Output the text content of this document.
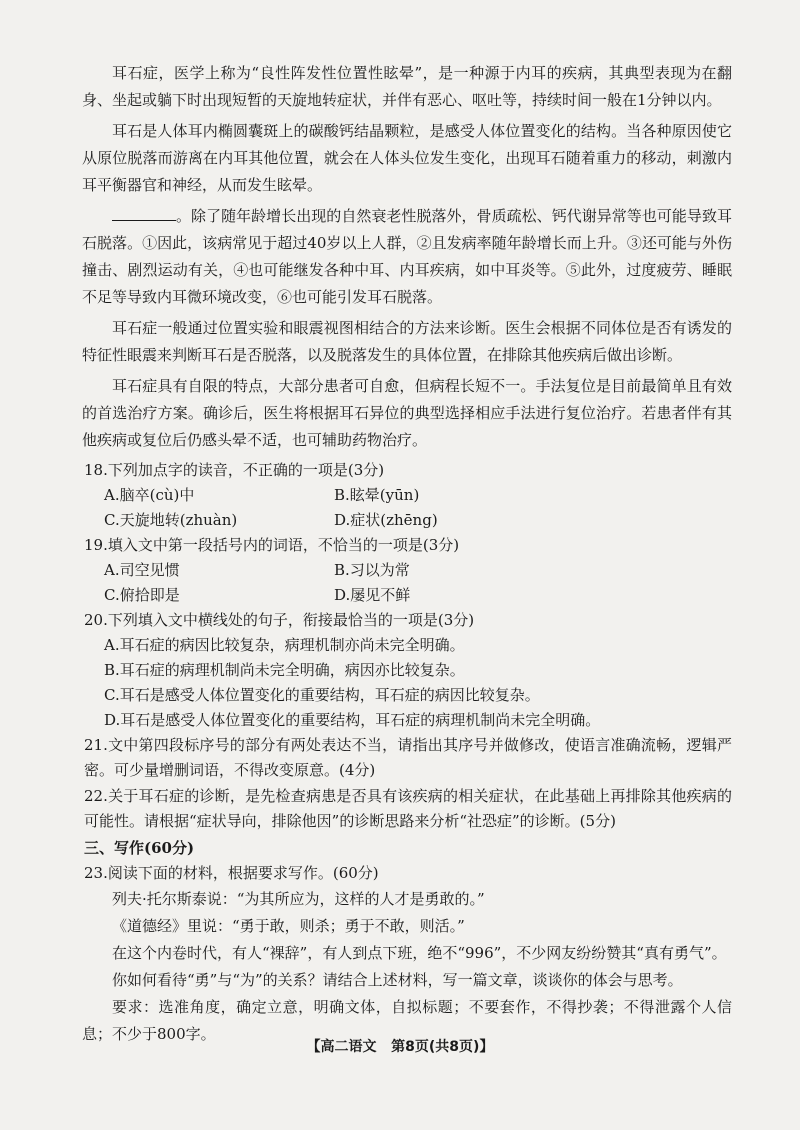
耳石症，医学上称为“良性阵发性位置性眩晕”，是一种源于内耳的疾病，其典型表现为在翻身、坐起或躺下时出现短暂的天旋地转症状，并伴有恶心、呕吐等，持续时间一般在1分钟以内。

耳石是人体耳内椭圆囊斑上的碳酸钙结晶颗粒，是感受人体位置变化的结构。当各种原因使它从原位脱落而游离在内耳其他位置，就会在人体头位发生变化，出现耳石随着重力的移动，刺激内耳平衡器官和神经，从而发生眩晕。

。除了随年龄增长出现的自然衰老性脱落外，骨质疏松、钙代谢异常等也可能导致耳石脱落。①因此，该病常见于超过40岁以上人群，②且发病率随年龄增长而上升。③还可能与外伤撞击、剧烈运动有关，④也可能继发各种中耳、内耳疾病，如中耳炎等。⑤此外，过度疲劳、睡眠不足等导致内耳微环境改变，⑥也可能引发耳石脱落。

耳石症一般通过位置实验和眼震视图相结合的方法来诊断。医生会根据不同体位是否有诱发的特征性眼震来判断耳石是否脱落，以及脱落发生的具体位置，在排除其他疾病后做出诊断。

耳石症具有自限的特点，大部分患者可自愈，但病程长短不一。手法复位是目前最简单且有效的首选治疗方案。确诊后，医生将根据耳石异位的典型选择相应手法进行复位治疗。若患者伴有其他疾病或复位后仍感头晕不适，也可辅助药物治疗。

18.下列加点字的读音，不正确的一项是(3分)

A.脑卒(cù)中	B.眩晕(yūn)
C.天旋地转(zhuàn)	D.症状(zhēng)

19.填入文中第一段括号内的词语，不恰当的一项是(3分)

A.司空见惯	B.习以为常
C.俯拾即是	D.屡见不鲜

20.下列填入文中横线处的句子，衔接最恰当的一项是(3分)

A.耳石症的病因比较复杂，病理机制亦尚未完全明确。

B.耳石症的病理机制尚未完全明确，病因亦比较复杂。

C.耳石是感受人体位置变化的重要结构，耳石症的病因比较复杂。

D.耳石是感受人体位置变化的重要结构，耳石症的病理机制尚未完全明确。

21.文中第四段标序号的部分有两处表达不当，请指出其序号并做修改，使语言准确流畅，逻辑严密。可少量增删词语，不得改变原意。(4分)

22.关于耳石症的诊断，是先检查病患是否具有该疾病的相关症状，在此基础上再排除其他疾病的可能性。请根据“症状导向，排除他因”的诊断思路来分析“社恐症”的诊断。(5分)

三、写作(60分)

23.阅读下面的材料，根据要求写作。(60分)

列夫·托尔斯泰说：“为其所应为，这样的人才是勇敢的。”

《道德经》里说：“勇于敢，则杀；勇于不敢，则活。”

在这个内卷时代，有人“裸辞”，有人到点下班，绝不“996”，不少网友纷纷赞其“真有勇气”。

你如何看待“勇”与“为”的关系？请结合上述材料，写一篇文章，谈谈你的体会与思考。

要求：选准角度，确定立意，明确文体，自拟标题；不要套作，不得抄袭；不得泄露个人信息；不少于800字。

【高二语文 第8页(共8页)】
